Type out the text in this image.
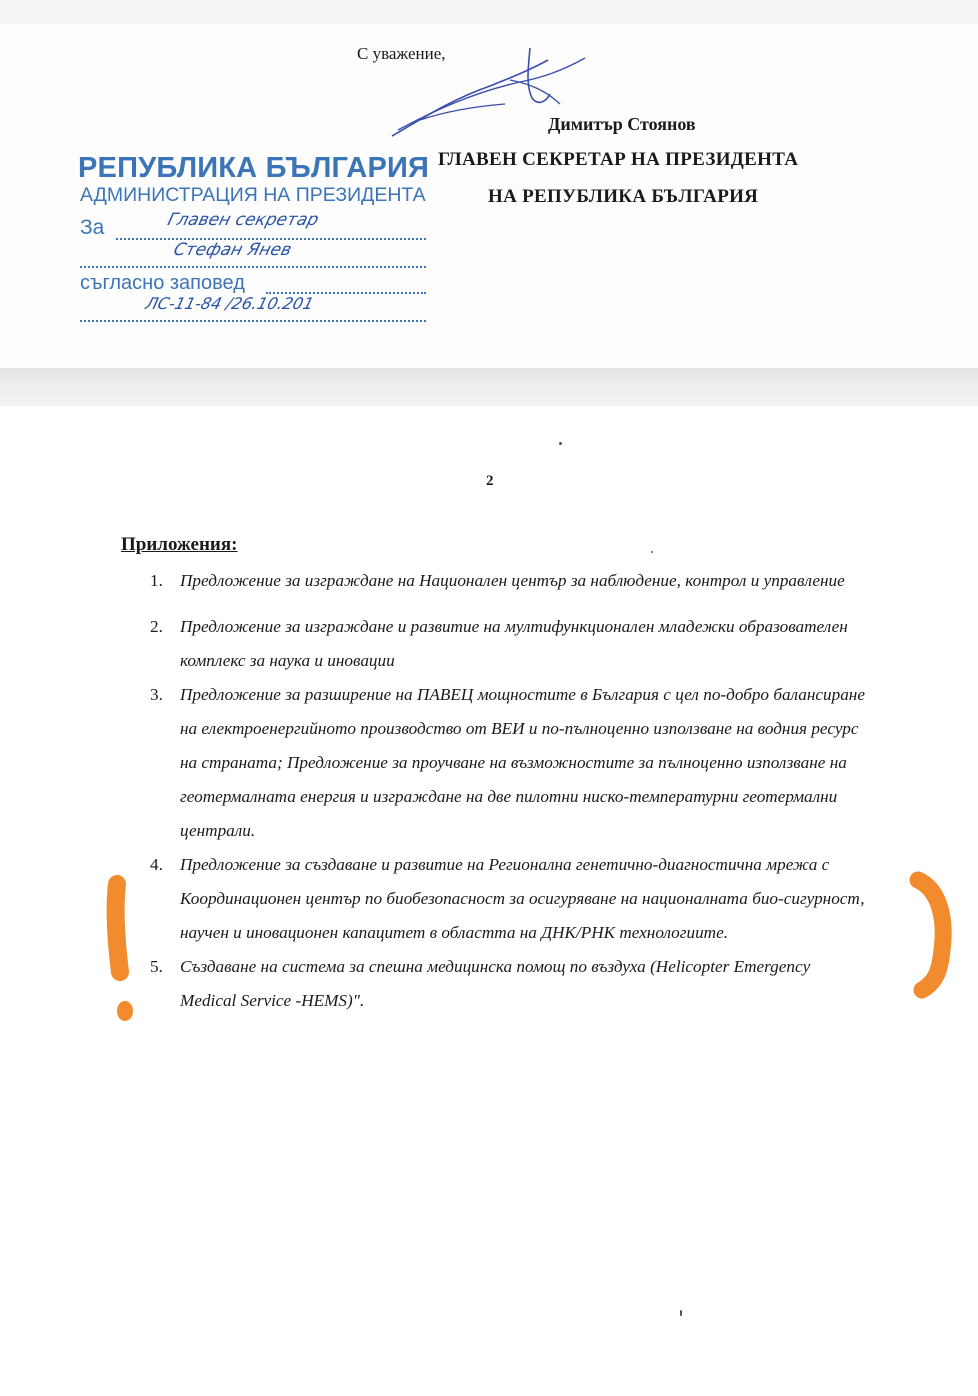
С уважение,
Димитър Стоянов
ГЛАВЕН СЕКРЕТАР НА ПРЕЗИДЕНТА
НА РЕПУБЛИКА БЪЛГАРИЯ
РЕПУБЛИКА БЪЛГАРИЯ
АДМИНИСТРАЦИЯ НА ПРЕЗИДЕНТА
За
съгласно заповед
Главен секретар
Стефан Янев
ЛС-11-84 /26.10.201
2
Приложения:
1. Предложение за изграждане на Национален център за наблюдение, контрол и управление
2. Предложение за изграждане и развитие на мултифункционален младежки образователен комплекс за наука и иновации
3. Предложение за разширение на ПАВЕЦ мощностите в България с цел по-добро балансиране на електроенергийното производство от ВЕИ и по-пълноценно използване на водния ресурс на страната; Предложение за проучване на възможностите за пълноценно използване на геотермалната енергия и изграждане на две пилотни ниско-температурни геотермални централи.
4. Предложение за създаване и развитие на Регионална генетично-диагностична мрежа с Координационен център по биобезопасност за осигуряване на националната био-сигурност, научен и иновационен капацитет в областта на ДНК/РНК технологиите.
5. Създаване на система за спешна медицинска помощ по въздуха (Helicopter Emergency Medical Service -HEMS)".
